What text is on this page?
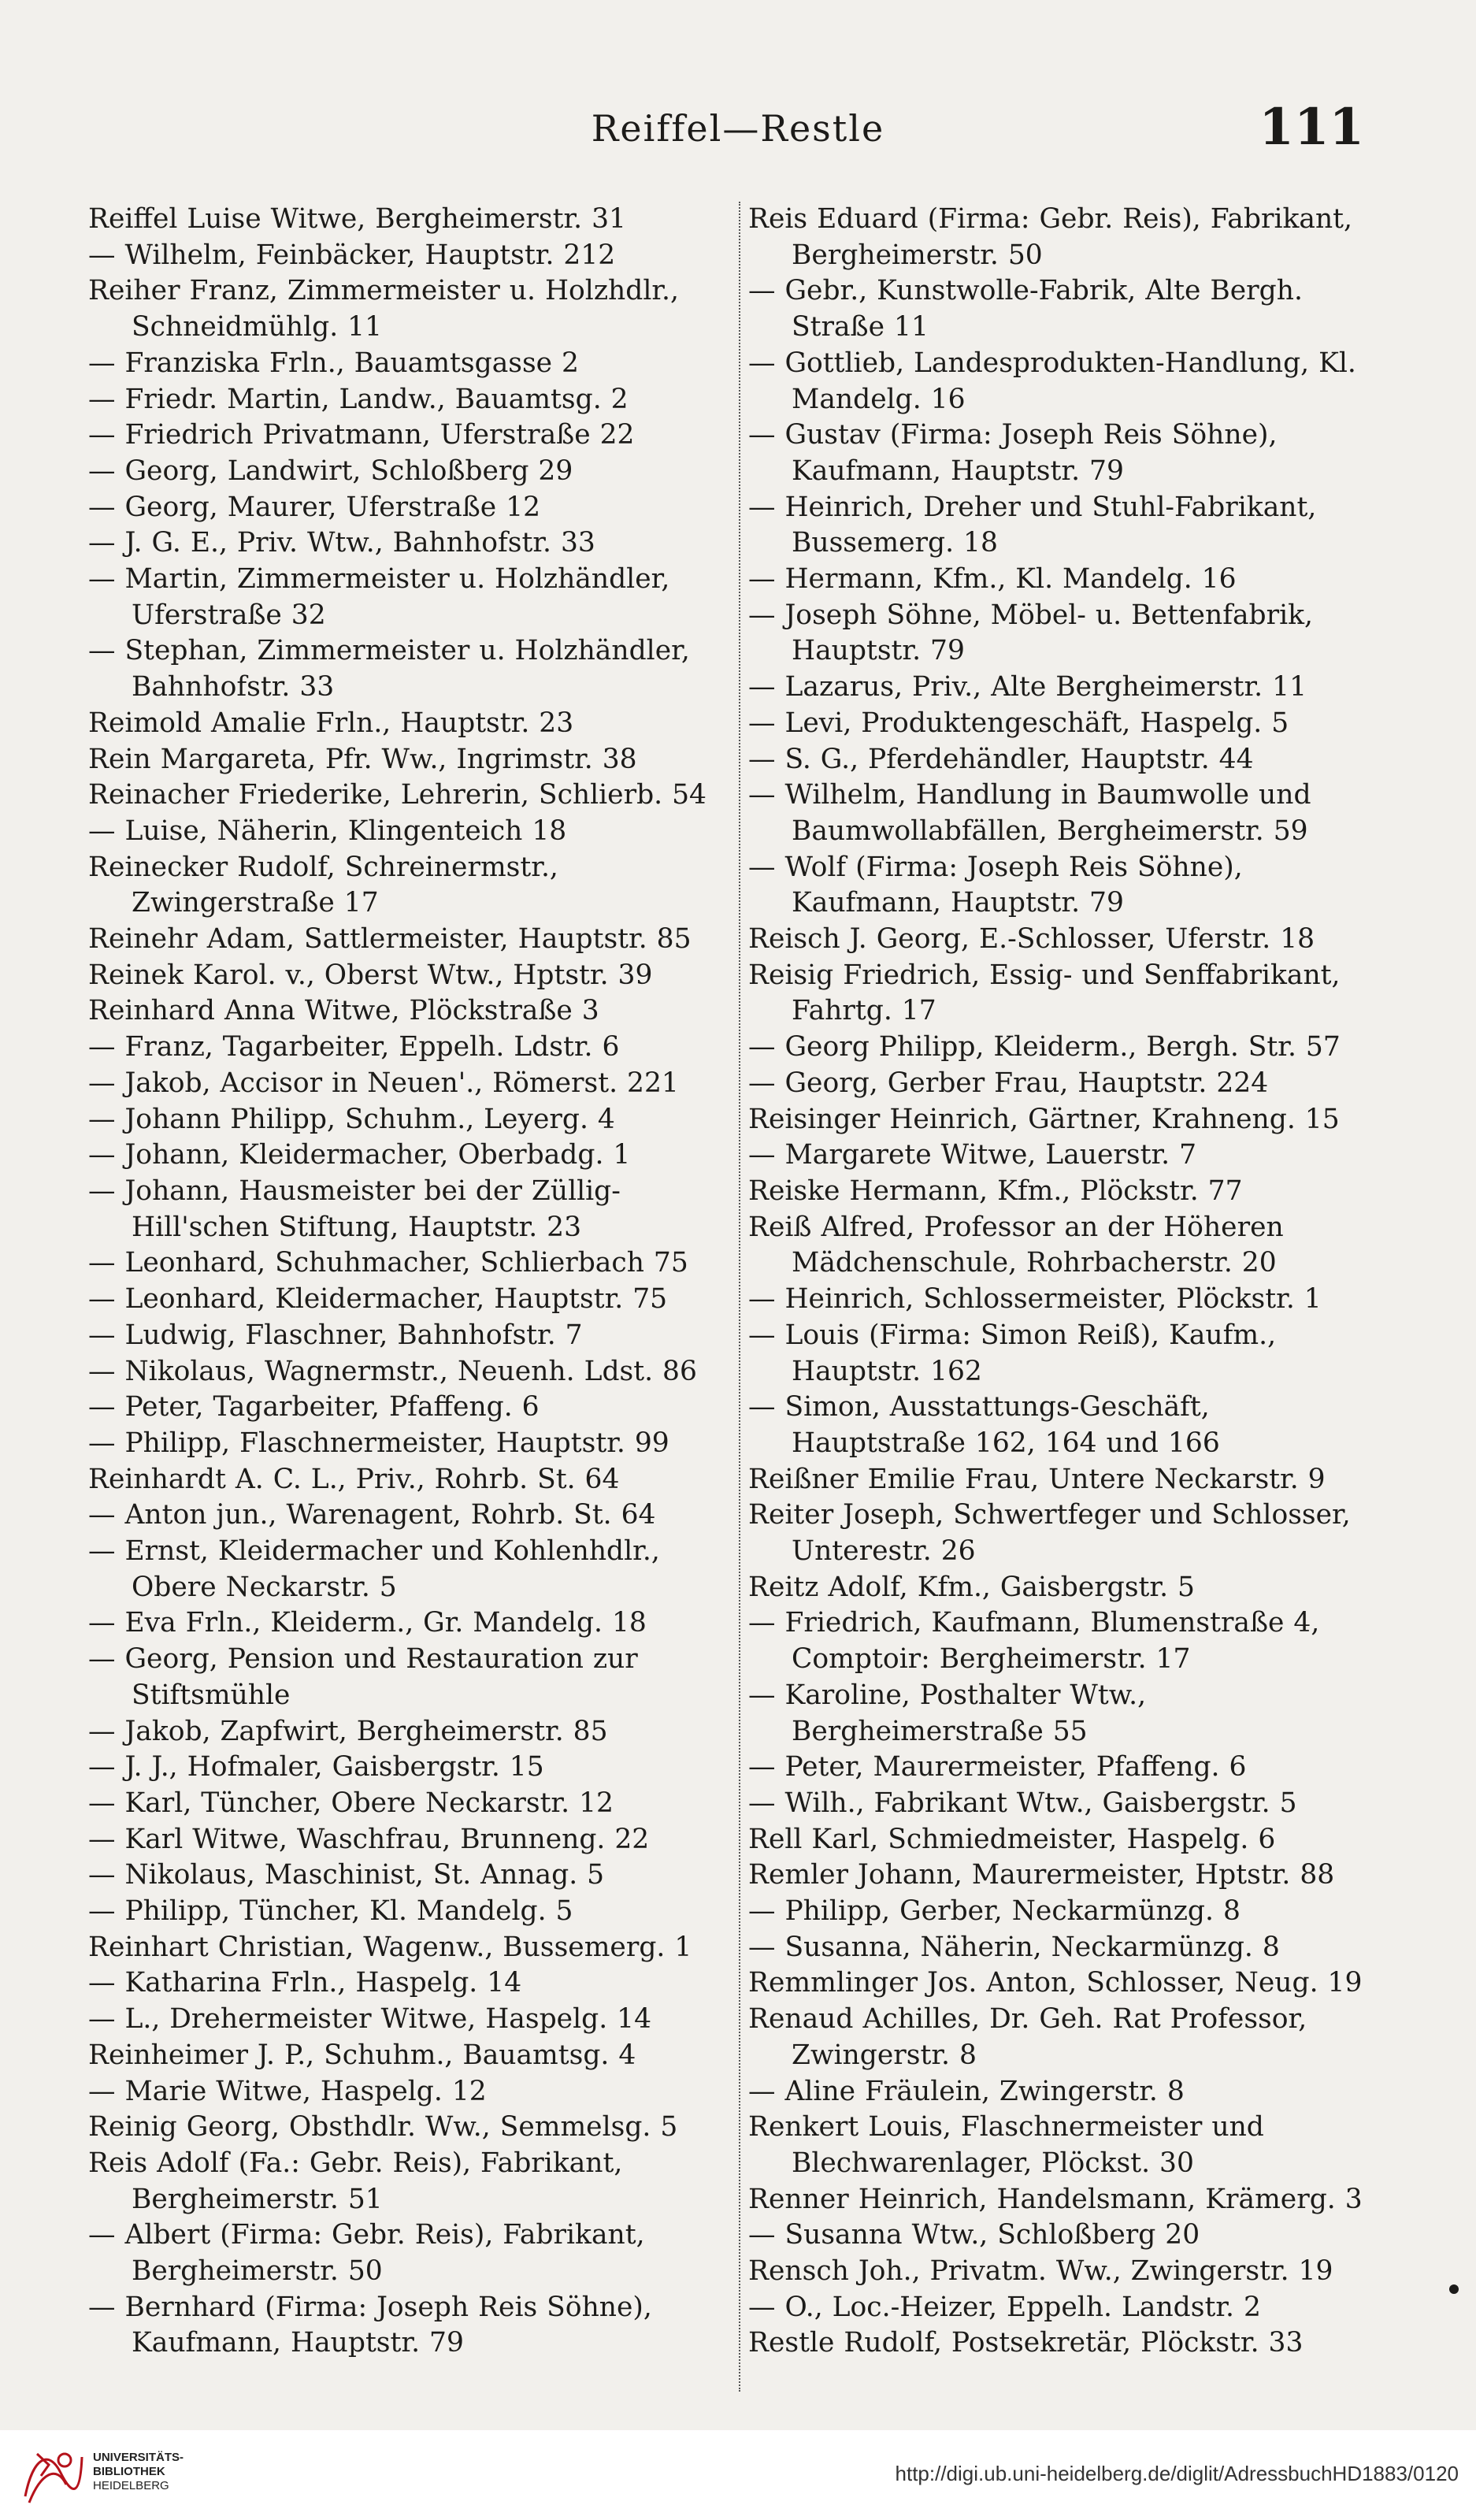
Reiffel—Restle	111
Reiffel Luise Witwe, Bergheimerstr. 31
— Wilhelm, Feinbäcker, Hauptstr. 212
Reiher Franz, Zimmermeister u. Holzhdlr., Schneidmühlg. 11
— Franziska Frln., Bauamtsgasse 2
— Friedr. Martin, Landw., Bauamtsg. 2
— Friedrich Privatmann, Uferstraße 22
— Georg, Landwirt, Schloßberg 29
— Georg, Maurer, Uferstraße 12
— J. G. E., Priv. Wtw., Bahnhofstr. 33
— Martin, Zimmermeister u. Holzhändler, Uferstraße 32
— Stephan, Zimmermeister u. Holzhändler, Bahnhofstr. 33
Reimold Amalie Frln., Hauptstr. 23
Rein Margareta, Pfr. Ww., Ingrimstr. 38
Reinacher Friederike, Lehrerin, Schlierb. 54
— Luise, Näherin, Klingenteich 18
Reinecker Rudolf, Schreinermstr., Zwingerstraße 17
Reinehr Adam, Sattlermeister, Hauptstr. 85
Reinek Karol. v., Oberst Wtw., Hptstr. 39
Reinhard Anna Witwe, Plöckstraße 3
— Franz, Tagarbeiter, Eppelh. Ldstr. 6
— Jakob, Accisor in Neuen'., Römerst. 221
— Johann Philipp, Schuhm., Leyerg. 4
— Johann, Kleidermacher, Oberbadg. 1
— Johann, Hausmeister bei der Züllig-Hill'schen Stiftung, Hauptstr. 23
— Leonhard, Schuhmacher, Schlierbach 75
— Leonhard, Kleidermacher, Hauptstr. 75
— Ludwig, Flaschner, Bahnhofstr. 7
— Nikolaus, Wagnermstr., Neuenh. Ldst. 86
— Peter, Tagarbeiter, Pfaffeng. 6
— Philipp, Flaschnermeister, Hauptstr. 99
Reinhardt A. C. L., Priv., Rohrb. St. 64
— Anton jun., Warenagent, Rohrb. St. 64
— Ernst, Kleidermacher und Kohlenhdlr., Obere Neckarstr. 5
— Eva Frln., Kleiderm., Gr. Mandelg. 18
— Georg, Pension und Restauration zur Stiftsmühle
— Jakob, Zapfwirt, Bergheimerstr. 85
— J. J., Hofmaler, Gaisbergstr. 15
— Karl, Tüncher, Obere Neckarstr. 12
— Karl Witwe, Waschfrau, Brunneng. 22
— Nikolaus, Maschinist, St. Annag. 5
— Philipp, Tüncher, Kl. Mandelg. 5
Reinhart Christian, Wagenw., Bussemerg. 1
— Katharina Frln., Haspelg. 14
— L., Drehermeister Witwe, Haspelg. 14
Reinheimer J. P., Schuhm., Bauamtsg. 4
— Marie Witwe, Haspelg. 12
Reinig Georg, Obsthdlr. Ww., Semmelsg. 5
Reis Adolf (Fa.: Gebr. Reis), Fabrikant, Bergheimerstr. 51
— Albert (Firma: Gebr. Reis), Fabrikant, Bergheimerstr. 50
— Bernhard (Firma: Joseph Reis Söhne), Kaufmann, Hauptstr. 79
Reis Eduard (Firma: Gebr. Reis), Fabrikant, Bergheimerstr. 50
— Gebr., Kunstwolle-Fabrik, Alte Bergh. Straße 11
— Gottlieb, Landesprodukten-Handlung, Kl. Mandelg. 16
— Gustav (Firma: Joseph Reis Söhne), Kaufmann, Hauptstr. 79
— Heinrich, Dreher und Stuhl-Fabrikant, Bussemerg. 18
— Hermann, Kfm., Kl. Mandelg. 16
— Joseph Söhne, Möbel- u. Bettenfabrik, Hauptstr. 79
— Lazarus, Priv., Alte Bergheimerstr. 11
— Levi, Produktengeschäft, Haspelg. 5
— S. G., Pferdehändler, Hauptstr. 44
— Wilhelm, Handlung in Baumwolle und Baumwollabfällen, Bergheimerstr. 59
— Wolf (Firma: Joseph Reis Söhne), Kaufmann, Hauptstr. 79
Reisch J. Georg, E.-Schlosser, Uferstr. 18
Reisig Friedrich, Essig- und Senffabrikant, Fahrtg. 17
— Georg Philipp, Kleiderm., Bergh. Str. 57
— Georg, Gerber Frau, Hauptstr. 224
Reisinger Heinrich, Gärtner, Krahneng. 15
— Margarete Witwe, Lauerstr. 7
Reiske Hermann, Kfm., Plöckstr. 77
Reiß Alfred, Professor an der Höheren Mädchenschule, Rohrbacherstr. 20
— Heinrich, Schlossermeister, Plöckstr. 1
— Louis (Firma: Simon Reiß), Kaufm., Hauptstr. 162
— Simon, Ausstattungs-Geschäft, Hauptstraße 162, 164 und 166
Reißner Emilie Frau, Untere Neckarstr. 9
Reiter Joseph, Schwertfeger und Schlosser, Unterestr. 26
Reitz Adolf, Kfm., Gaisbergstr. 5
— Friedrich, Kaufmann, Blumenstraße 4, Comptoir: Bergheimerstr. 17
— Karoline, Posthalter Wtw., Bergheimerstraße 55
— Peter, Maurermeister, Pfaffeng. 6
— Wilh., Fabrikant Wtw., Gaisbergstr. 5
Rell Karl, Schmiedmeister, Haspelg. 6
Remler Johann, Maurermeister, Hptstr. 88
— Philipp, Gerber, Neckarmünzg. 8
— Susanna, Näherin, Neckarmünzg. 8
Remmlinger Jos. Anton, Schlosser, Neug. 19
Renaud Achilles, Dr. Geh. Rat Professor, Zwingerstr. 8
— Aline Fräulein, Zwingerstr. 8
Renkert Louis, Flaschnermeister und Blechwarenlager, Plöckst. 30
Renner Heinrich, Handelsmann, Krämerg. 3
— Susanna Wtw., Schloßberg 20
Rensch Joh., Privatm. Ww., Zwingerstr. 19
— O., Loc.-Heizer, Eppelh. Landstr. 2
Restle Rudolf, Postsekretär, Plöckstr. 33
UNIVERSITÄTS-
BIBLIOTHEK
HEIDELBERG
http://digi.ub.uni-heidelberg.de/diglit/AdressbuchHD1883/0120
